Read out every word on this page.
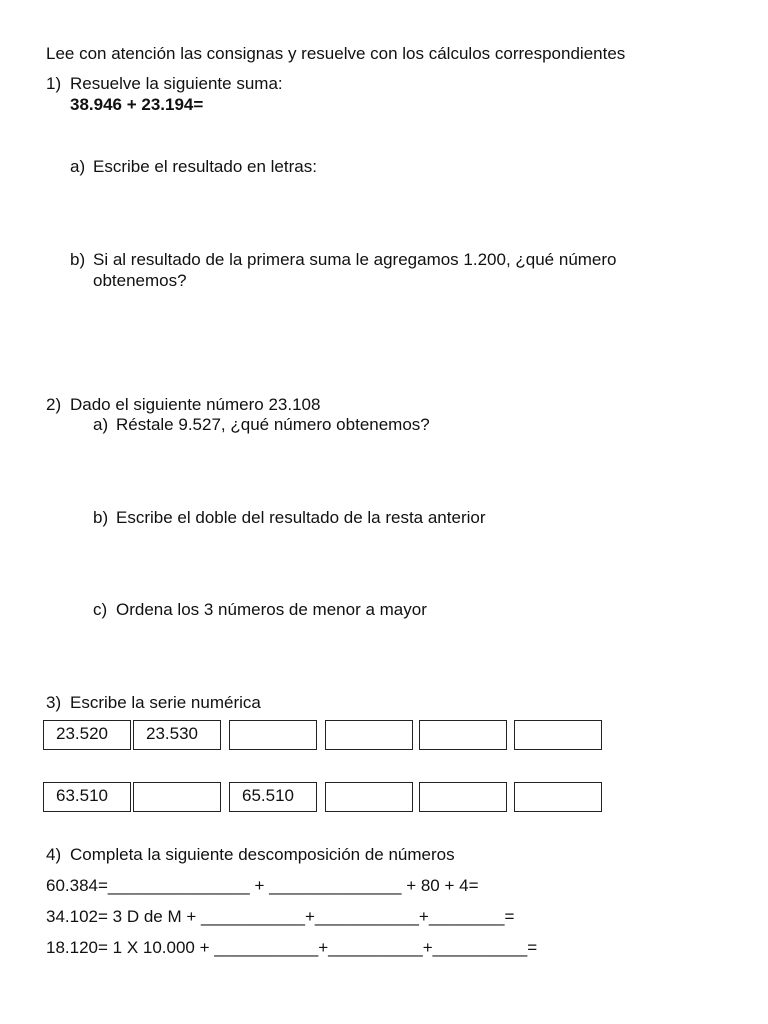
Lee con atención las consignas y resuelve con los cálculos correspondientes
1) Resuelve la siguiente suma:
38.946 + 23.194=
a) Escribe el resultado en letras:
b) Si al resultado de la primera suma le agregamos 1.200, ¿qué número
obtenemos?
2) Dado el siguiente número 23.108
a) Réstale 9.527, ¿qué número obtenemos?
b) Escribe el doble del resultado de la resta anterior
c) Ordena los 3 números de menor a mayor
3) Escribe la serie numérica
23.520	23.530
63.510	65.510
4) Completa la siguiente descomposición de números
60.384=_______________ + ______________ + 80 + 4=
34.102= 3 D de M + ___________+___________+________=
18.120= 1 X 10.000 + ___________+__________+__________=
